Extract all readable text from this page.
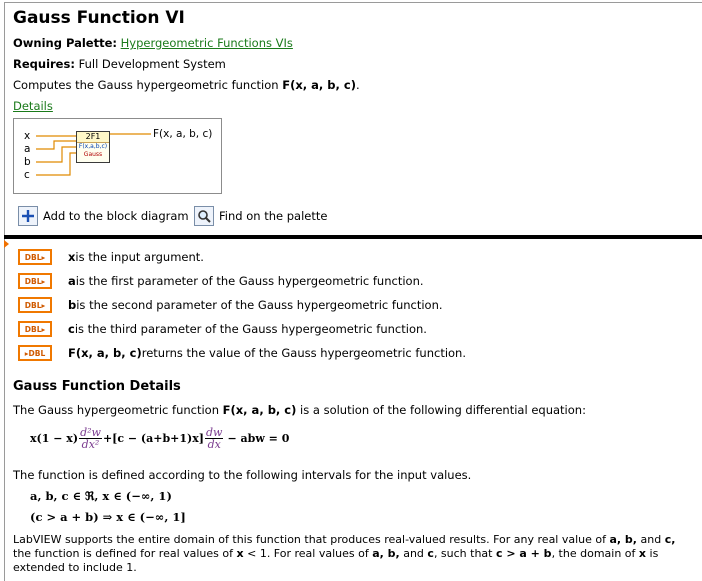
Gauss Function VI
Owning Palette: Hypergeometric Functions VIs
Requires: Full Development System
Computes the Gauss hypergeometric function F(x, a, b, c).
Details
x
a
b
c
2F1
F(x,a,b,c)
Gauss
F(x, a, b, c)
Add to the block diagram	Find on the palette
DBL ▸	x is the input argument.
DBL ▸	a is the first parameter of the Gauss hypergeometric function.
DBL ▸	b is the second parameter of the Gauss hypergeometric function.
DBL ▸	c is the third parameter of the Gauss hypergeometric function.
▸ DBL F(x, a, b, c) returns the value of the Gauss hypergeometric function.
Gauss Function Details
The Gauss hypergeometric function F(x, a, b, c) is a solution of the following differential equation:
$x(1 - x) \frac{\text{d²w}}{\text{dx²}} +[c - (a+b+1)x] \frac{dw}{dx}$ − abw = 0
The function is defined according to the following intervals for the input values.
a, b, c ∈ ℜ, x ∈ (−∞, 1)
(c > a + b) ⇒ x ∈ (−∞, 1]
LabVIEW supports the entire domain of this function that produces real-valued results. For any real value of a, b, and c,
the function is defined for real values of x < 1. For real values of a, b, and c, such that c > a + b, the domain of x is
extended to include 1.
